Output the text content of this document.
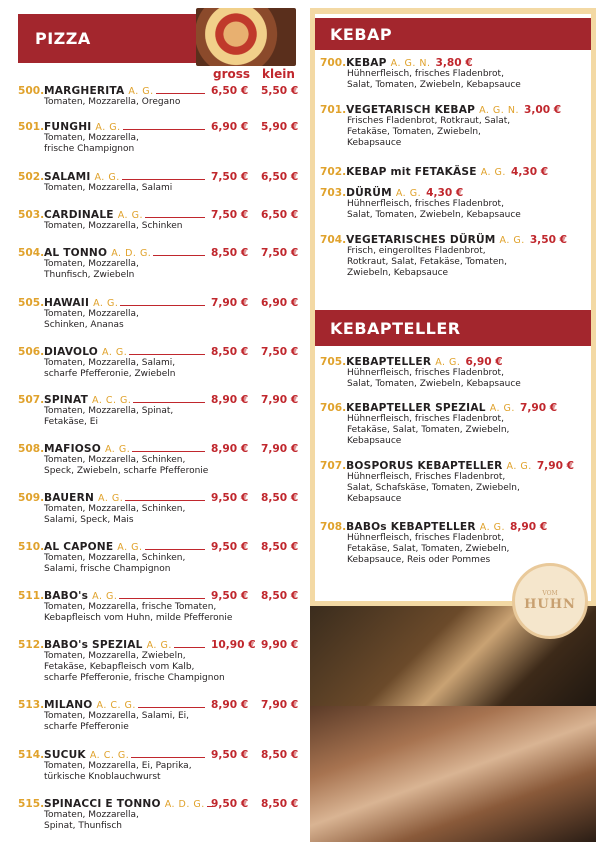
PIZZA
gross klein
500. MARGHERITA A. G.	6,50 € 5,50 €
Tomaten, Mozzarella, Oregano
501. FUNGHI A. G.	6,90 € 5,90 €
Tomaten, Mozzarella,
frische Champignon
502. SALAMI A. G.	7,50 € 6,50 €
Tomaten, Mozzarella, Salami
503. CARDINALE A. G.	7,50 € 6,50 €
Tomaten, Mozzarella, Schinken
504. AL TONNO A. D. G.	8,50 € 7,50 €
Tomaten, Mozzarella,
Thunfisch, Zwiebeln
505. HAWAII A. G.	7,90 € 6,90 €
Tomaten, Mozzarella,
Schinken, Ananas
506. DIAVOLO A. G.	8,50 € 7,50 €
Tomaten, Mozzarella, Salami,
scharfe Pfefferonie, Zwiebeln
507. SPINAT A. C. G.	8,90 € 7,90 €
Tomaten, Mozzarella, Spinat,
Fetakäse, Ei
508. MAFIOSO A. G.	8,90 € 7,90 €
Tomaten, Mozzarella, Schinken,
Speck, Zwiebeln, scharfe Pfefferonie
509. BAUERN A. G.	9,50 € 8,50 €
Tomaten, Mozzarella, Schinken,
Salami, Speck, Mais
510. AL CAPONE A. G.	9,50 € 8,50 €
Tomaten, Mozzarella, Schinken,
Salami, frische Champignon
511. BABO's A. G.	9,50 € 8,50 €
Tomaten, Mozzarella, frische Tomaten,
Kebapfleisch vom Huhn, milde Pfefferonie
512. BABO's SPEZIAL A. G.	10,90 € 9,90 €
Tomaten, Mozzarella, Zwiebeln,
Fetakäse, Kebapfleisch vom Kalb,
scharfe Pfefferonie, frische Champignon
513. MILANO A. C. G.	8,90 € 7,90 €
Tomaten, Mozzarella, Salami, Ei,
scharfe Pfefferonie
514. SUCUK A. C. G.	9,50 € 8,50 €
Tomaten, Mozzarella, Ei, Paprika,
türkische Knoblauchwurst
515. SPINACCI E TONNO A. D. G. 9,50 € 8,50 €
Tomaten, Mozzarella,
Spinat, Thunfisch
KEBAP
700.KEBAP A. G. N. 3,80 €
Hühnerfleisch, frisches Fladenbrot,
Salat, Tomaten, Zwiebeln, Kebapsauce
701.VEGETARISCH KEBAP A. G. N. 3,00 €
Frisches Fladenbrot, Rotkraut, Salat,
Fetakäse, Tomaten, Zwiebeln,
Kebapsauce
702.KEBAP mit FETAKÄSE A. G. 4,30 €
703.DÜRÜM A. G. 4,30 €
Hühnerfleisch, frisches Fladenbrot,
Salat, Tomaten, Zwiebeln, Kebapsauce
704.VEGETARISCHES DÜRÜM A. G. 3,50 €
Frisch, eingerolltes Fladenbrot,
Rotkraut, Salat, Fetakäse, Tomaten,
Zwiebeln, Kebapsauce
KEBAPTELLER
705.KEBAPTELLER A. G. 6,90 €
Hühnerfleisch, frisches Fladenbrot,
Salat, Tomaten, Zwiebeln, Kebapsauce
706.KEBAPTELLER SPEZIAL A. G. 7,90 €
Hühnerfleisch, frisches Fladenbrot,
Fetakäse, Salat, Tomaten, Zwiebeln,
Kebapsauce
707.BOSPORUS KEBAPTELLER A. G. 7,90 €
Hühnerfleisch, Frisches Fladenbrot,
Salat, Schafskäse, Tomaten, Zwiebeln,
Kebapsauce
708.BABOs KEBAPTELLER A. G. 8,90 €
Hühnerfleisch, frisches Fladenbrot,
Fetakäse, Salat, Tomaten, Zwiebeln,
Kebapsauce, Reis oder Pommes
VOM
HUHN
